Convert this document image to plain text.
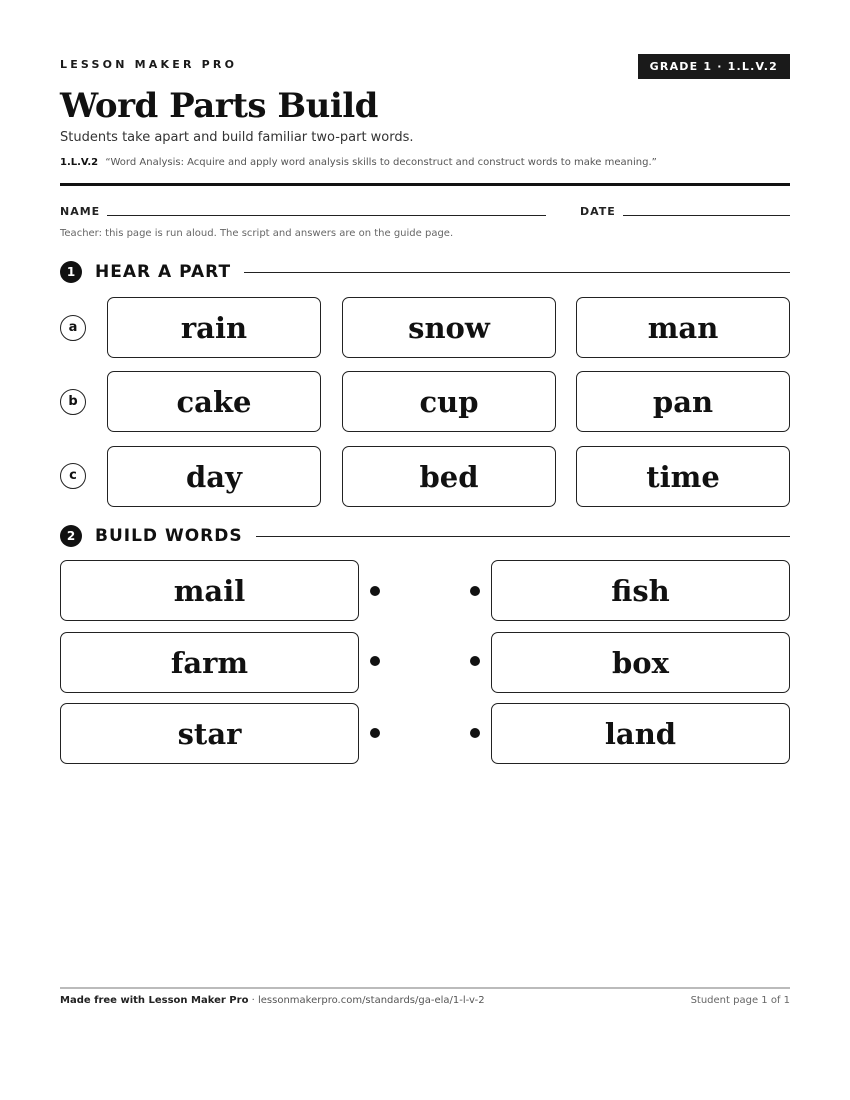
LESSON MAKER PRO	GRADE 1 · 1.L.V.2
Word Parts Build
Students take apart and build familiar two-part words.
1.L.V.2 “Word Analysis: Acquire and apply word analysis skills to deconstruct and construct words to make meaning.”
NAME	DATE
Teacher: this page is run aloud. The script and answers are on the guide page.
1	HEAR A PART
a	rain	snow	man
b	cake	cup	pan
c	day	bed	time
2	BUILD WORDS
mail	fish
farm	box
star	land
Made free with Lesson Maker Pro · lessonmakerpro.com/standards/ga-ela/1-l-v-2	Student page 1 of 1
